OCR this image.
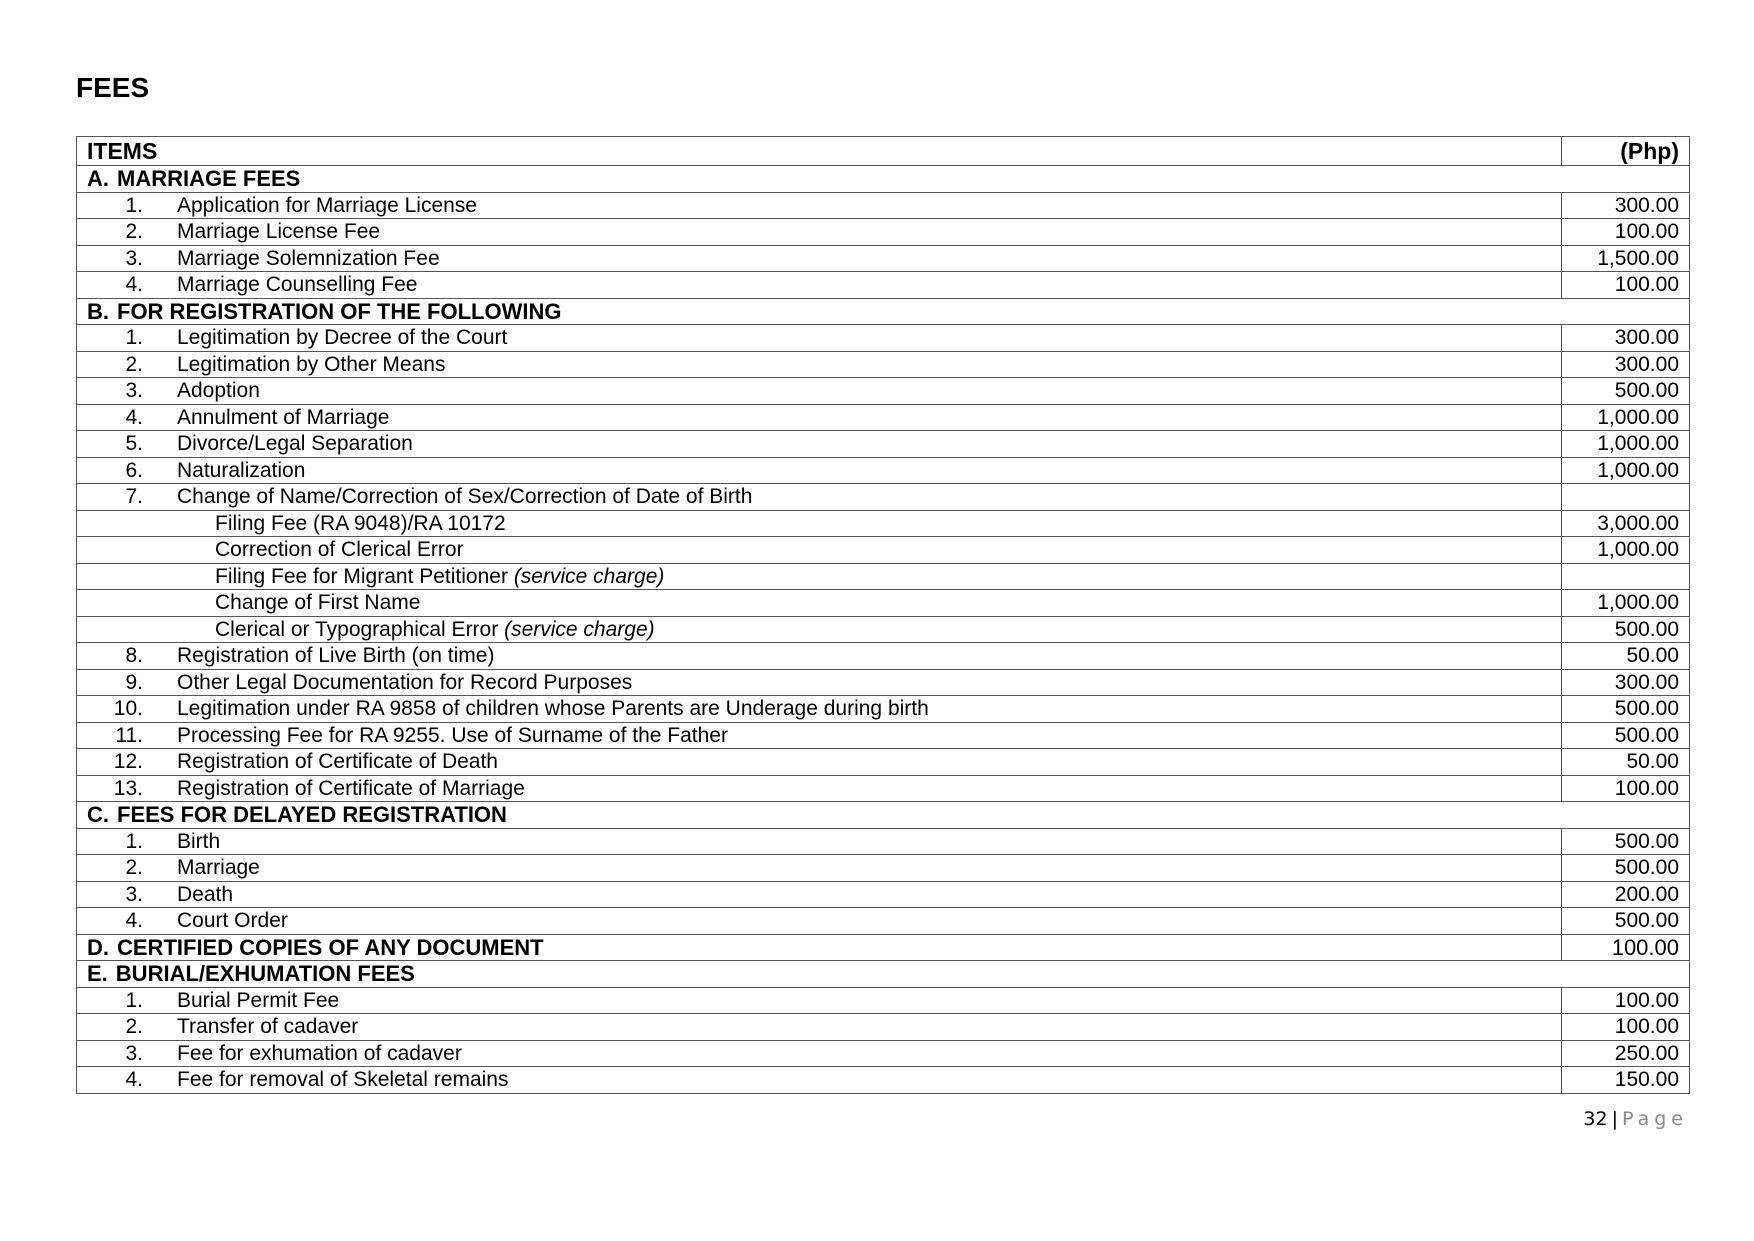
FEES
ITEMS	(Php)
A. MARRIAGE FEES	
1. Application for Marriage License	300.00
2. Marriage License Fee	100.00
3. Marriage Solemnization Fee	1,500.00
4. Marriage Counselling Fee	100.00
B. FOR REGISTRATION OF THE FOLLOWING	
1. Legitimation by Decree of the Court	300.00
2. Legitimation by Other Means	300.00
3. Adoption	500.00
4. Annulment of Marriage	1,000.00
5. Divorce/Legal Separation	1,000.00
6. Naturalization	1,000.00
7. Change of Name/Correction of Sex/Correction of Date of Birth	
Filing Fee (RA 9048)/RA 10172	3,000.00
Correction of Clerical Error	1,000.00
Filing Fee for Migrant Petitioner (service charge)	
Change of First Name	1,000.00
Clerical or Typographical Error (service charge)	500.00
8. Registration of Live Birth (on time)	50.00
9. Other Legal Documentation for Record Purposes	300.00
10. Legitimation under RA 9858 of children whose Parents are Underage during birth	500.00
11. Processing Fee for RA 9255. Use of Surname of the Father	500.00
12. Registration of Certificate of Death	50.00
13. Registration of Certificate of Marriage	100.00
C. FEES FOR DELAYED REGISTRATION	
1. Birth	500.00
2. Marriage	500.00
3. Death	200.00
4. Court Order	500.00
D. CERTIFIED COPIES OF ANY DOCUMENT	100.00
E. BURIAL/EXHUMATION FEES	
1. Burial Permit Fee	100.00
2. Transfer of cadaver	100.00
3. Fee for exhumation of cadaver	250.00
4. Fee for removal of Skeletal remains	150.00
32 | Page
